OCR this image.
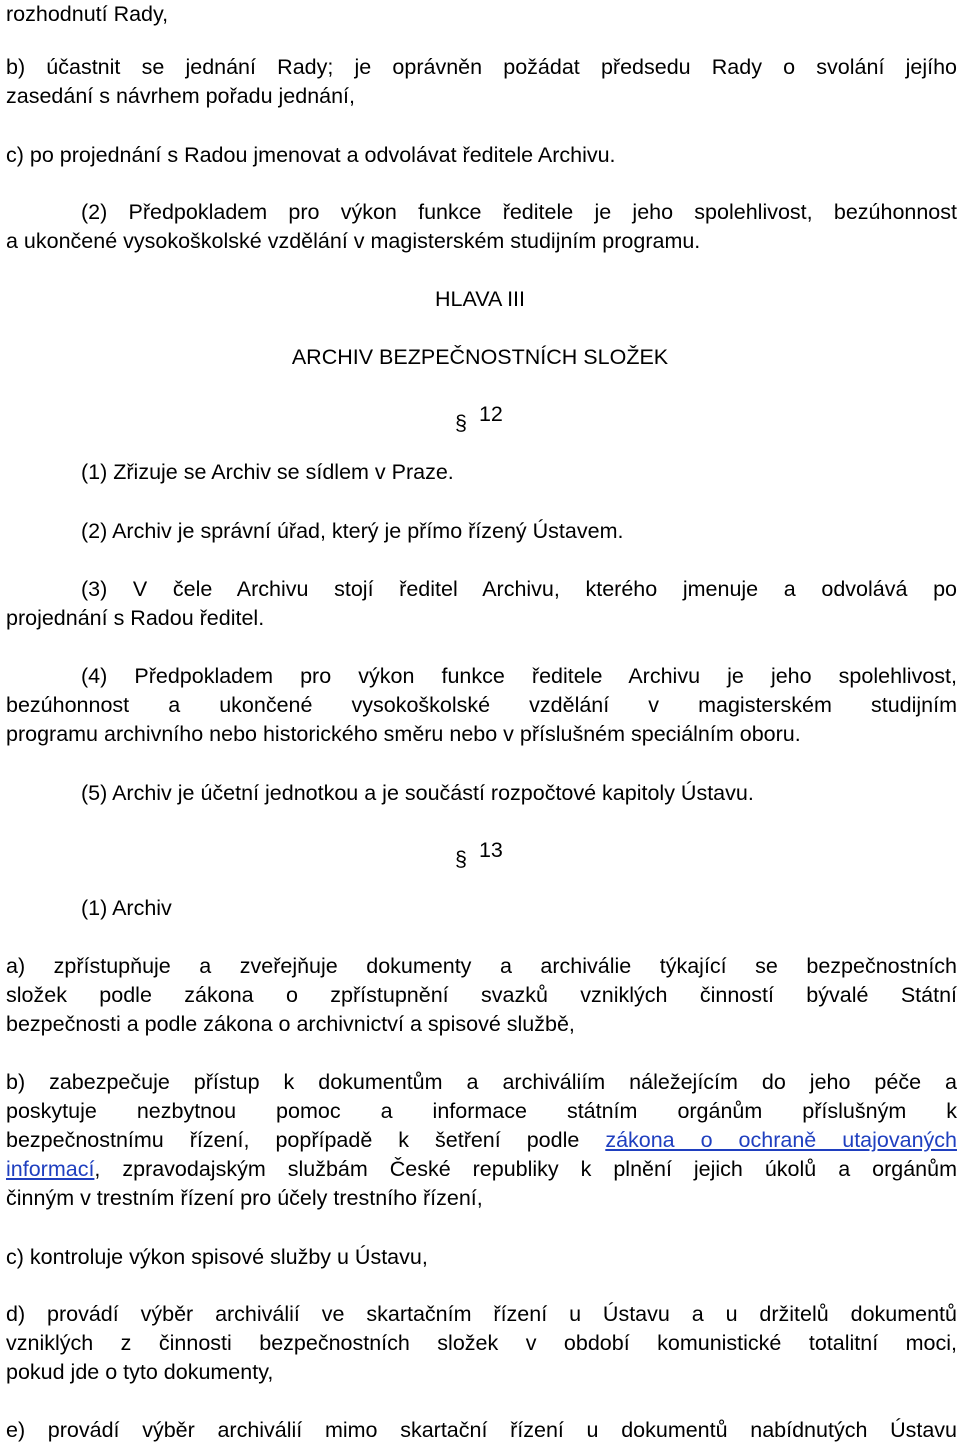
rozhodnutí Rady,
b) účastnit se jednání Rady; je oprávněn požádat předsedu Rady o svolání jejího
zasedání s návrhem pořadu jednání,
c) po projednání s Radou jmenovat a odvolávat ředitele Archivu.
(2) Předpokladem pro výkon funkce ředitele je jeho spolehlivost, bezúhonnost
a ukončené vysokoškolské vzdělání v magisterském studijním programu.
HLAVA III
ARCHIV BEZPEČNOSTNÍCH SLOŽEK
§ 12
(1) Zřizuje se Archiv se sídlem v Praze.
(2) Archiv je správní úřad, který je přímo řízený Ústavem.
(3) V čele Archivu stojí ředitel Archivu, kterého jmenuje a odvolává po
projednání s Radou ředitel.
(4) Předpokladem pro výkon funkce ředitele Archivu je jeho spolehlivost,
bezúhonnost a ukončené vysokoškolské vzdělání v magisterském studijním
programu archivního nebo historického směru nebo v příslušném speciálním oboru.
(5) Archiv je účetní jednotkou a je součástí rozpočtové kapitoly Ústavu.
§ 13
(1) Archiv
a) zpřístupňuje a zveřejňuje dokumenty a archiválie týkající se bezpečnostních
složek podle zákona o zpřístupnění svazků vzniklých činností bývalé Státní
bezpečnosti a podle zákona o archivnictví a spisové službě,
b) zabezpečuje přístup k dokumentům a archiváliím náležejícím do jeho péče a
poskytuje nezbytnou pomoc a informace státním orgánům příslušným k
bezpečnostnímu řízení, popřípadě k šetření podle zákona o ochraně utajovaných
informací, zpravodajským službám České republiky k plnění jejich úkolů a orgánům
činným v trestním řízení pro účely trestního řízení,
c) kontroluje výkon spisové služby u Ústavu,
d) provádí výběr archiválií ve skartačním řízení u Ústavu a u držitelů dokumentů
vzniklých z činnosti bezpečnostních složek v období komunistické totalitní moci,
pokud jde o tyto dokumenty,
e) provádí výběr archiválií mimo skartační řízení u dokumentů nabídnutých Ústavu
